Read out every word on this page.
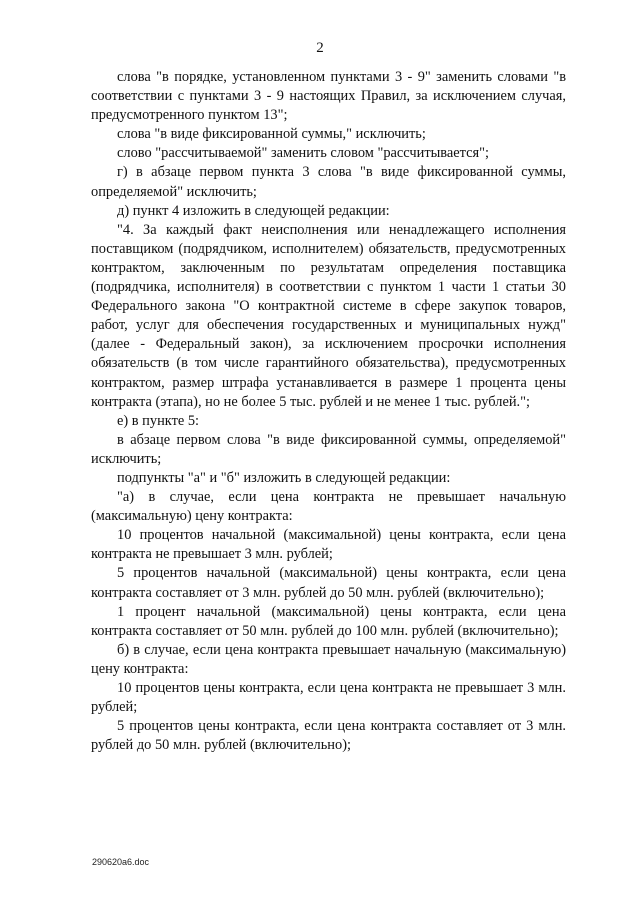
2

слова "в порядке, установленном пунктами 3 - 9" заменить словами "в соответствии с пунктами 3 - 9 настоящих Правил, за исключением случая, предусмотренного пунктом 13";

слова "в виде фиксированной суммы," исключить;

слово "рассчитываемой" заменить словом "рассчитывается";

г) в абзаце первом пункта 3 слова "в виде фиксированной суммы, определяемой" исключить;

д) пункт 4 изложить в следующей редакции:

"4. За каждый факт неисполнения или ненадлежащего исполнения поставщиком (подрядчиком, исполнителем) обязательств, предусмотренных контрактом, заключенным по результатам определения поставщика (подрядчика, исполнителя) в соответствии с пунктом 1 части 1 статьи 30 Федерального закона "О контрактной системе в сфере закупок товаров, работ, услуг для обеспечения государственных и муниципальных нужд" (далее - Федеральный закон), за исключением просрочки исполнения обязательств (в том числе гарантийного обязательства), предусмотренных контрактом, размер штрафа устанавливается в размере 1 процента цены контракта (этапа), но не более 5 тыс. рублей и не менее 1 тыс. рублей.";

е) в пункте 5:

в абзаце первом слова "в виде фиксированной суммы, определяемой" исключить;

подпункты "а" и "б" изложить в следующей редакции:

"а) в случае, если цена контракта не превышает начальную (максимальную) цену контракта:

10 процентов начальной (максимальной) цены контракта, если цена контракта не превышает 3 млн. рублей;

5 процентов начальной (максимальной) цены контракта, если цена контракта составляет от 3 млн. рублей до 50 млн. рублей (включительно);

1 процент начальной (максимальной) цены контракта, если цена контракта составляет от 50 млн. рублей до 100 млн. рублей (включительно);

б) в случае, если цена контракта превышает начальную (максимальную) цену контракта:

10 процентов цены контракта, если цена контракта не превышает 3 млн. рублей;

5 процентов цены контракта, если цена контракта составляет от 3 млн. рублей до 50 млн. рублей (включительно);

290620a6.doc
